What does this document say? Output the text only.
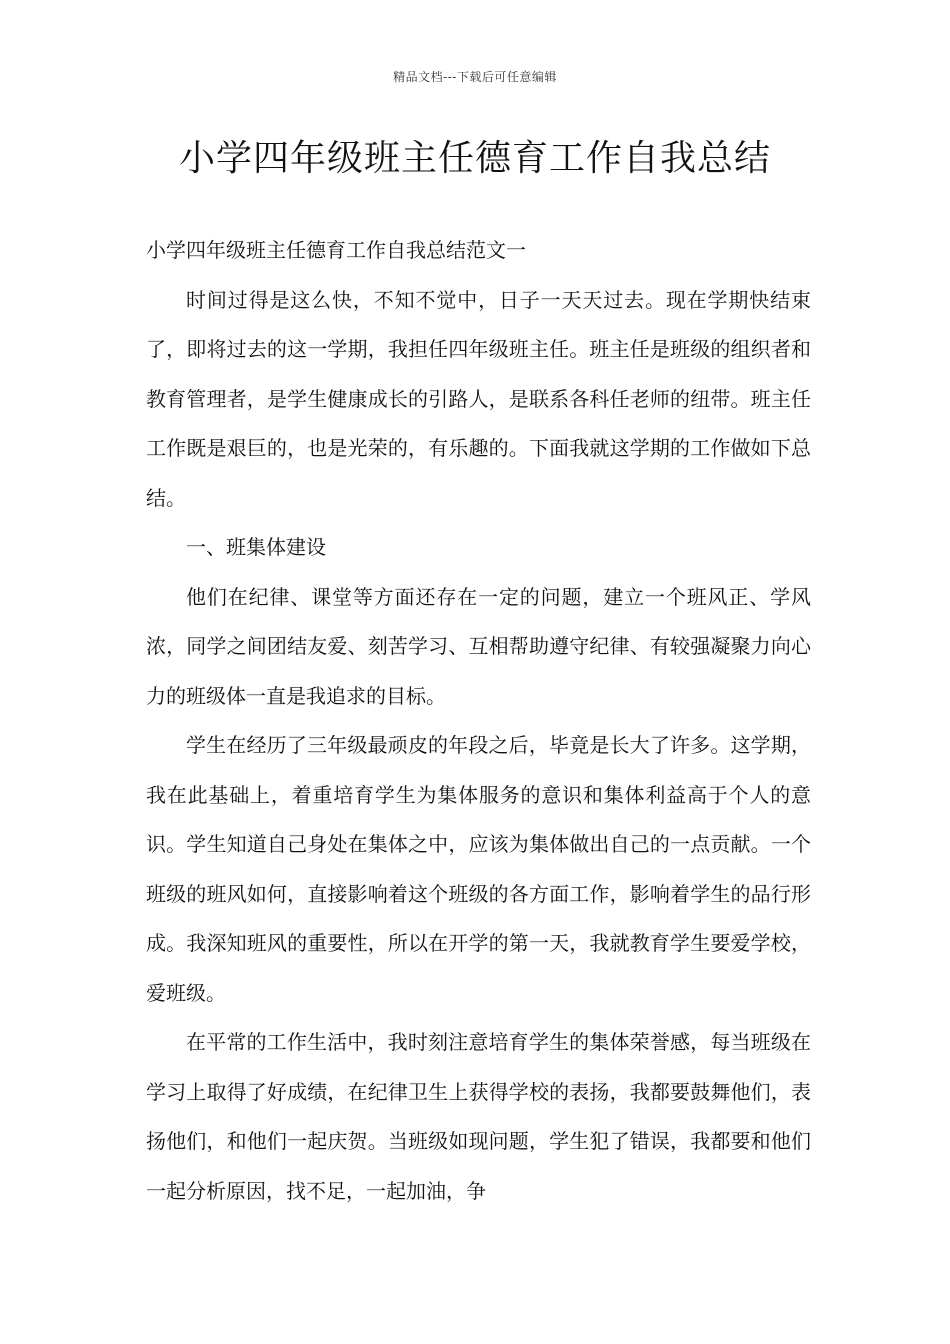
精品文档---下载后可任意编辑
小学四年级班主任德育工作自我总结

小学四年级班主任德育工作自我总结范文一

时间过得是这么快，不知不觉中，日子一天天过去。现在学期快结束了，即将过去的这一学期，我担任四年级班主任。班主任是班级的组织者和教育管理者，是学生健康成长的引路人，是联系各科任老师的纽带。班主任工作既是艰巨的，也是光荣的，有乐趣的。下面我就这学期的工作做如下总结。

一、班集体建设

他们在纪律、课堂等方面还存在一定的问题，建立一个班风正、学风浓，同学之间团结友爱、刻苦学习、互相帮助遵守纪律、有较强凝聚力向心力的班级体一直是我追求的目标。

学生在经历了三年级最顽皮的年段之后，毕竟是长大了许多。这学期，我在此基础上，着重培育学生为集体服务的意识和集体利益高于个人的意识。学生知道自己身处在集体之中，应该为集体做出自己的一点贡献。一个班级的班风如何，直接影响着这个班级的各方面工作，影响着学生的品行形成。我深知班风的重要性，所以在开学的第一天，我就教育学生要爱学校，爱班级。

在平常的工作生活中，我时刻注意培育学生的集体荣誉感，每当班级在学习上取得了好成绩，在纪律卫生上获得学校的表扬，我都要鼓舞他们，表扬他们，和他们一起庆贺。当班级如现问题，学生犯了错误，我都要和他们一起分析原因，找不足，一起加油，争
